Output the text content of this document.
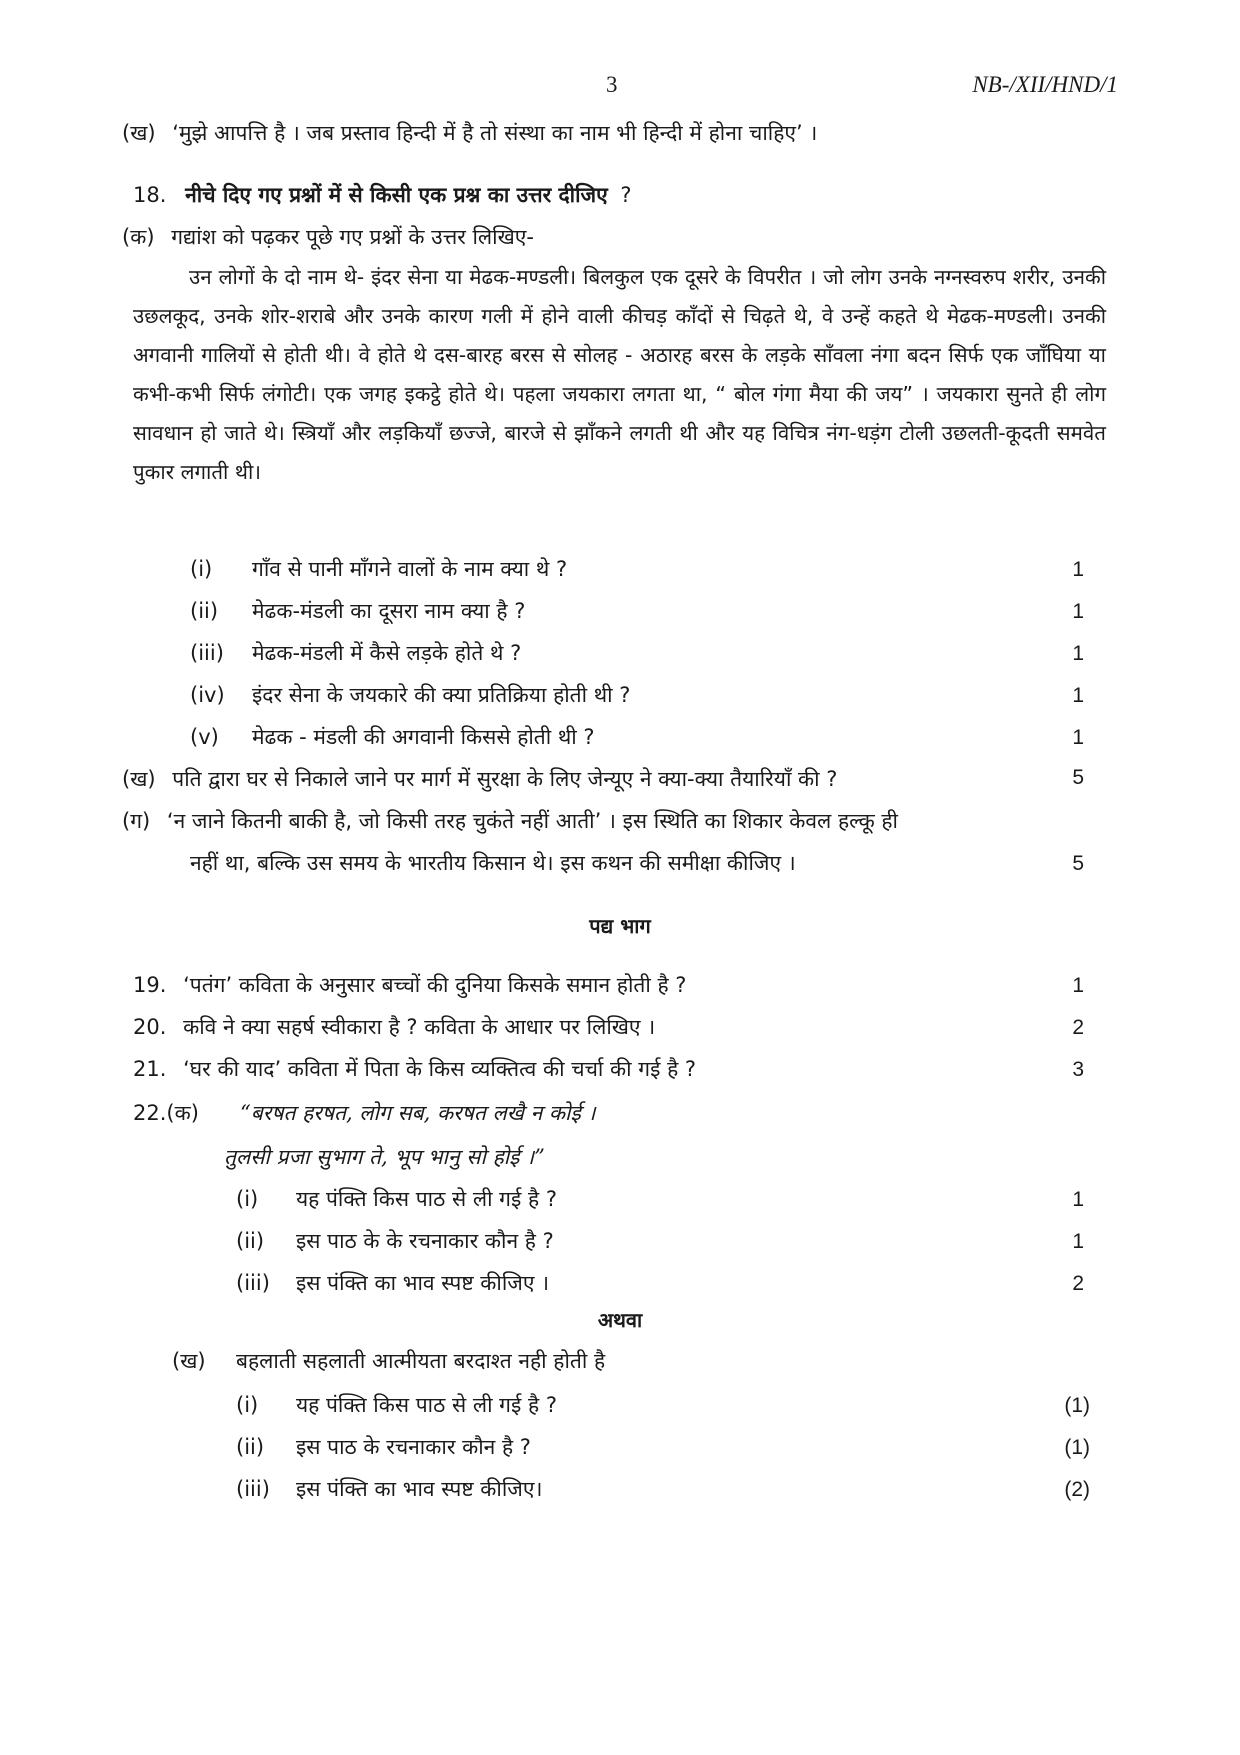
3	NB-/XII/HND/1
(ख) ‘मुझे आपत्ति है । जब प्रस्ताव हिन्दी में है तो संस्था का नाम भी हिन्दी में होना चाहिए’ ।
18. नीचे दिए गए प्रश्नों में से किसी एक प्रश्न का उत्तर दीजिए ?
(क) गद्यांश को पढ़कर पूछे गए प्रश्नों के उत्तर लिखिए-
उन लोगों के दो नाम थे- इंदर सेना या मेढक-मण्डली। बिलकुल एक दूसरे के विपरीत । जो लोग उनके नग्नस्वरुप शरीर, उनकी उछलकूद, उनके शोर-शराबे और उनके कारण गली में होने वाली कीचड़ काँदों से चिढ़ते थे, वे उन्हें कहते थे मेढक-मण्डली। उनकी अगवानी गालियों से होती थी। वे होते थे दस-बारह बरस से सोलह - अठारह बरस के लड़के साँवला नंगा बदन सिर्फ एक जाँघिया या कभी-कभी सिर्फ लंगोटी। एक जगह इकट्ठे होते थे। पहला जयकारा लगता था, “ बोल गंगा मैया की जय” । जयकारा सुनते ही लोग सावधान हो जाते थे। स्त्रियाँ और लड़कियाँ छज्जे, बारजे से झाँकने लगती थी और यह विचित्र नंग-धड़ंग टोली उछलती-कूदती समवेत पुकार लगाती थी।
(i) गाँव से पानी माँगने वालों के नाम क्या थे ?	1
(ii) मेढक-मंडली का दूसरा नाम क्या है ?	1
(iii) मेढक-मंडली में कैसे लड़के होते थे ?	1
(iv) इंदर सेना के जयकारे की क्या प्रतिक्रिया होती थी ?	1
(v) मेढक - मंडली की अगवानी किससे होती थी ?	1
(ख) पति द्वारा घर से निकाले जाने पर मार्ग में सुरक्षा के लिए जेन्यूए ने क्या-क्या तैयारियाँ की ?	5
(ग) ‘न जाने कितनी बाकी है, जो किसी तरह चुकंते नहीं आती’ । इस स्थिति का शिकार केवल हल्कू ही
नहीं था, बल्कि उस समय के भारतीय किसान थे। इस कथन की समीक्षा कीजिए ।	5
पद्य भाग
19. ‘पतंग’ कविता के अनुसार बच्चों की दुनिया किसके समान होती है ?	1
20. कवि ने क्या सहर्ष स्वीकारा है ? कविता के आधार पर लिखिए ।	2
21. ‘घर की याद’ कविता में पिता के किस व्यक्तित्व की चर्चा की गई है ?	3
22.(क) “बरषत हरषत, लोग सब, करषत लखै न कोई ।
तुलसी प्रजा सुभाग ते, भूप भानु सो होई ।”
(i) यह पंक्ति किस पाठ से ली गई है ?	1
(ii) इस पाठ के के रचनाकार कौन है ?	1
(iii) इस पंक्ति का भाव स्पष्ट कीजिए ।	2
अथवा
(ख) बहलाती सहलाती आत्मीयता बरदाश्त नही होती है
(i) यह पंक्ति किस पाठ से ली गई है ?	(1)
(ii) इस पाठ के रचनाकार कौन है ?	(1)
(iii) इस पंक्ति का भाव स्पष्ट कीजिए।	(2)
